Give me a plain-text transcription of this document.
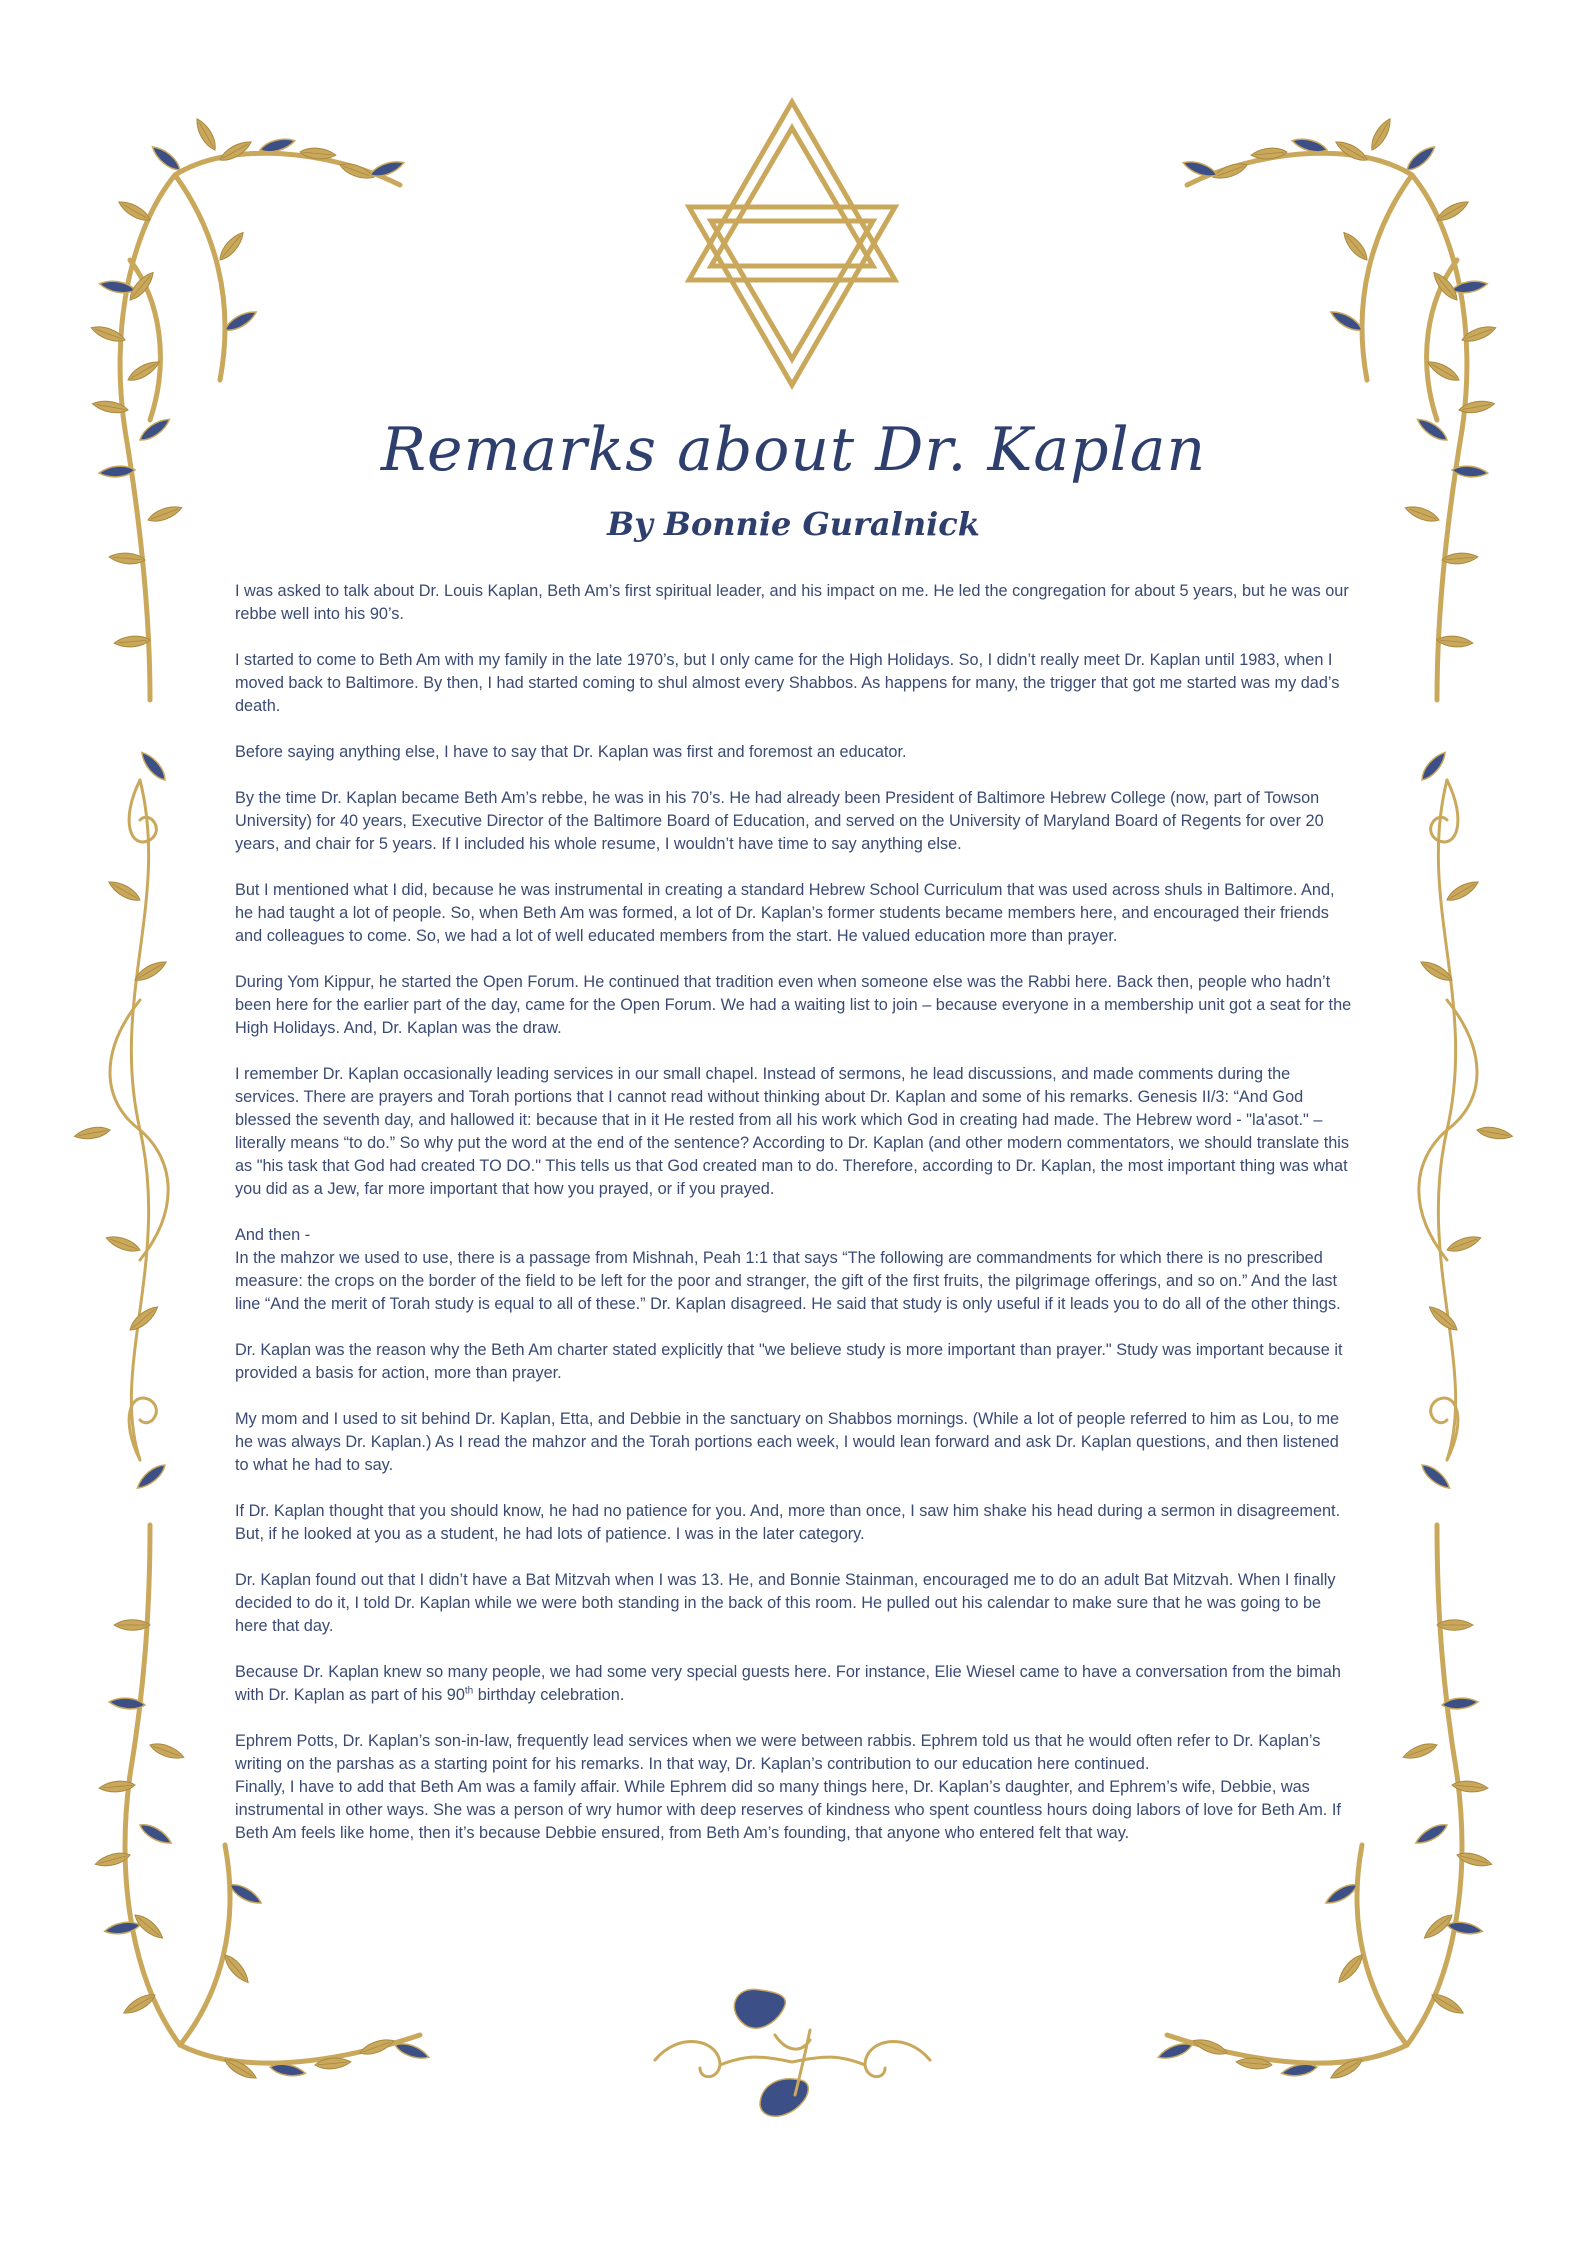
Remarks about Dr. Kaplan
By Bonnie Guralnick

I was asked to talk about Dr. Louis Kaplan, Beth Am’s first spiritual leader, and his impact on me. He led the congregation for about 5 years, but he was our rebbe well into his 90’s.

I started to come to Beth Am with my family in the late 1970’s, but I only came for the High Holidays. So, I didn’t really meet Dr. Kaplan until 1983, when I moved back to Baltimore. By then, I had started coming to shul almost every Shabbos. As happens for many, the trigger that got me started was my dad’s death.

Before saying anything else, I have to say that Dr. Kaplan was first and foremost an educator.

By the time Dr. Kaplan became Beth Am’s rebbe, he was in his 70’s. He had already been President of Baltimore Hebrew College (now, part of Towson University) for 40 years, Executive Director of the Baltimore Board of Education, and served on the University of Maryland Board of Regents for over 20 years, and chair for 5 years. If I included his whole resume, I wouldn’t have time to say anything else.

But I mentioned what I did, because he was instrumental in creating a standard Hebrew School Curriculum that was used across shuls in Baltimore. And, he had taught a lot of people. So, when Beth Am was formed, a lot of Dr. Kaplan’s former students became members here, and encouraged their friends and colleagues to come. So, we had a lot of well educated members from the start. He valued education more than prayer.

During Yom Kippur, he started the Open Forum. He continued that tradition even when someone else was the Rabbi here. Back then, people who hadn’t been here for the earlier part of the day, came for the Open Forum. We had a waiting list to join – because everyone in a membership unit got a seat for the High Holidays. And, Dr. Kaplan was the draw.

I remember Dr. Kaplan occasionally leading services in our small chapel. Instead of sermons, he lead discussions, and made comments during the services. There are prayers and Torah portions that I cannot read without thinking about Dr. Kaplan and some of his remarks. Genesis II/3: “And God blessed the seventh day, and hallowed it: because that in it He rested from all his work which God in creating had made. The Hebrew word - "la'asot." – literally means “to do.” So why put the word at the end of the sentence? According to Dr. Kaplan (and other modern commentators, we should translate this as "his task that God had created TO DO." This tells us that God created man to do. Therefore, according to Dr. Kaplan, the most important thing was what you did as a Jew, far more important that how you prayed, or if you prayed.

And then -

In the mahzor we used to use, there is a passage from Mishnah, Peah 1:1 that says “The following are commandments for which there is no prescribed measure: the crops on the border of the field to be left for the poor and stranger, the gift of the first fruits, the pilgrimage offerings, and so on.” And the last line “And the merit of Torah study is equal to all of these.” Dr. Kaplan disagreed. He said that study is only useful if it leads you to do all of the other things.

Dr. Kaplan was the reason why the Beth Am charter stated explicitly that "we believe study is more important than prayer." Study was important because it provided a basis for action, more than prayer.

My mom and I used to sit behind Dr. Kaplan, Etta, and Debbie in the sanctuary on Shabbos mornings. (While a lot of people referred to him as Lou, to me he was always Dr. Kaplan.) As I read the mahzor and the Torah portions each week, I would lean forward and ask Dr. Kaplan questions, and then listened to what he had to say.

If Dr. Kaplan thought that you should know, he had no patience for you. And, more than once, I saw him shake his head during a sermon in disagreement. But, if he looked at you as a student, he had lots of patience. I was in the later category.

Dr. Kaplan found out that I didn’t have a Bat Mitzvah when I was 13. He, and Bonnie Stainman, encouraged me to do an adult Bat Mitzvah. When I finally decided to do it, I told Dr. Kaplan while we were both standing in the back of this room. He pulled out his calendar to make sure that he was going to be here that day.

Because Dr. Kaplan knew so many people, we had some very special guests here. For instance, Elie Wiesel came to have a conversation from the bimah with Dr. Kaplan as part of his 90th birthday celebration.

Ephrem Potts, Dr. Kaplan’s son-in-law, frequently lead services when we were between rabbis. Ephrem told us that he would often refer to Dr. Kaplan’s writing on the parshas as a starting point for his remarks. In that way, Dr. Kaplan’s contribution to our education here continued.

Finally, I have to add that Beth Am was a family affair. While Ephrem did so many things here, Dr. Kaplan’s daughter, and Ephrem’s wife, Debbie, was instrumental in other ways. She was a person of wry humor with deep reserves of kindness who spent countless hours doing labors of love for Beth Am. If Beth Am feels like home, then it’s because Debbie ensured, from Beth Am’s founding, that anyone who entered felt that way.
